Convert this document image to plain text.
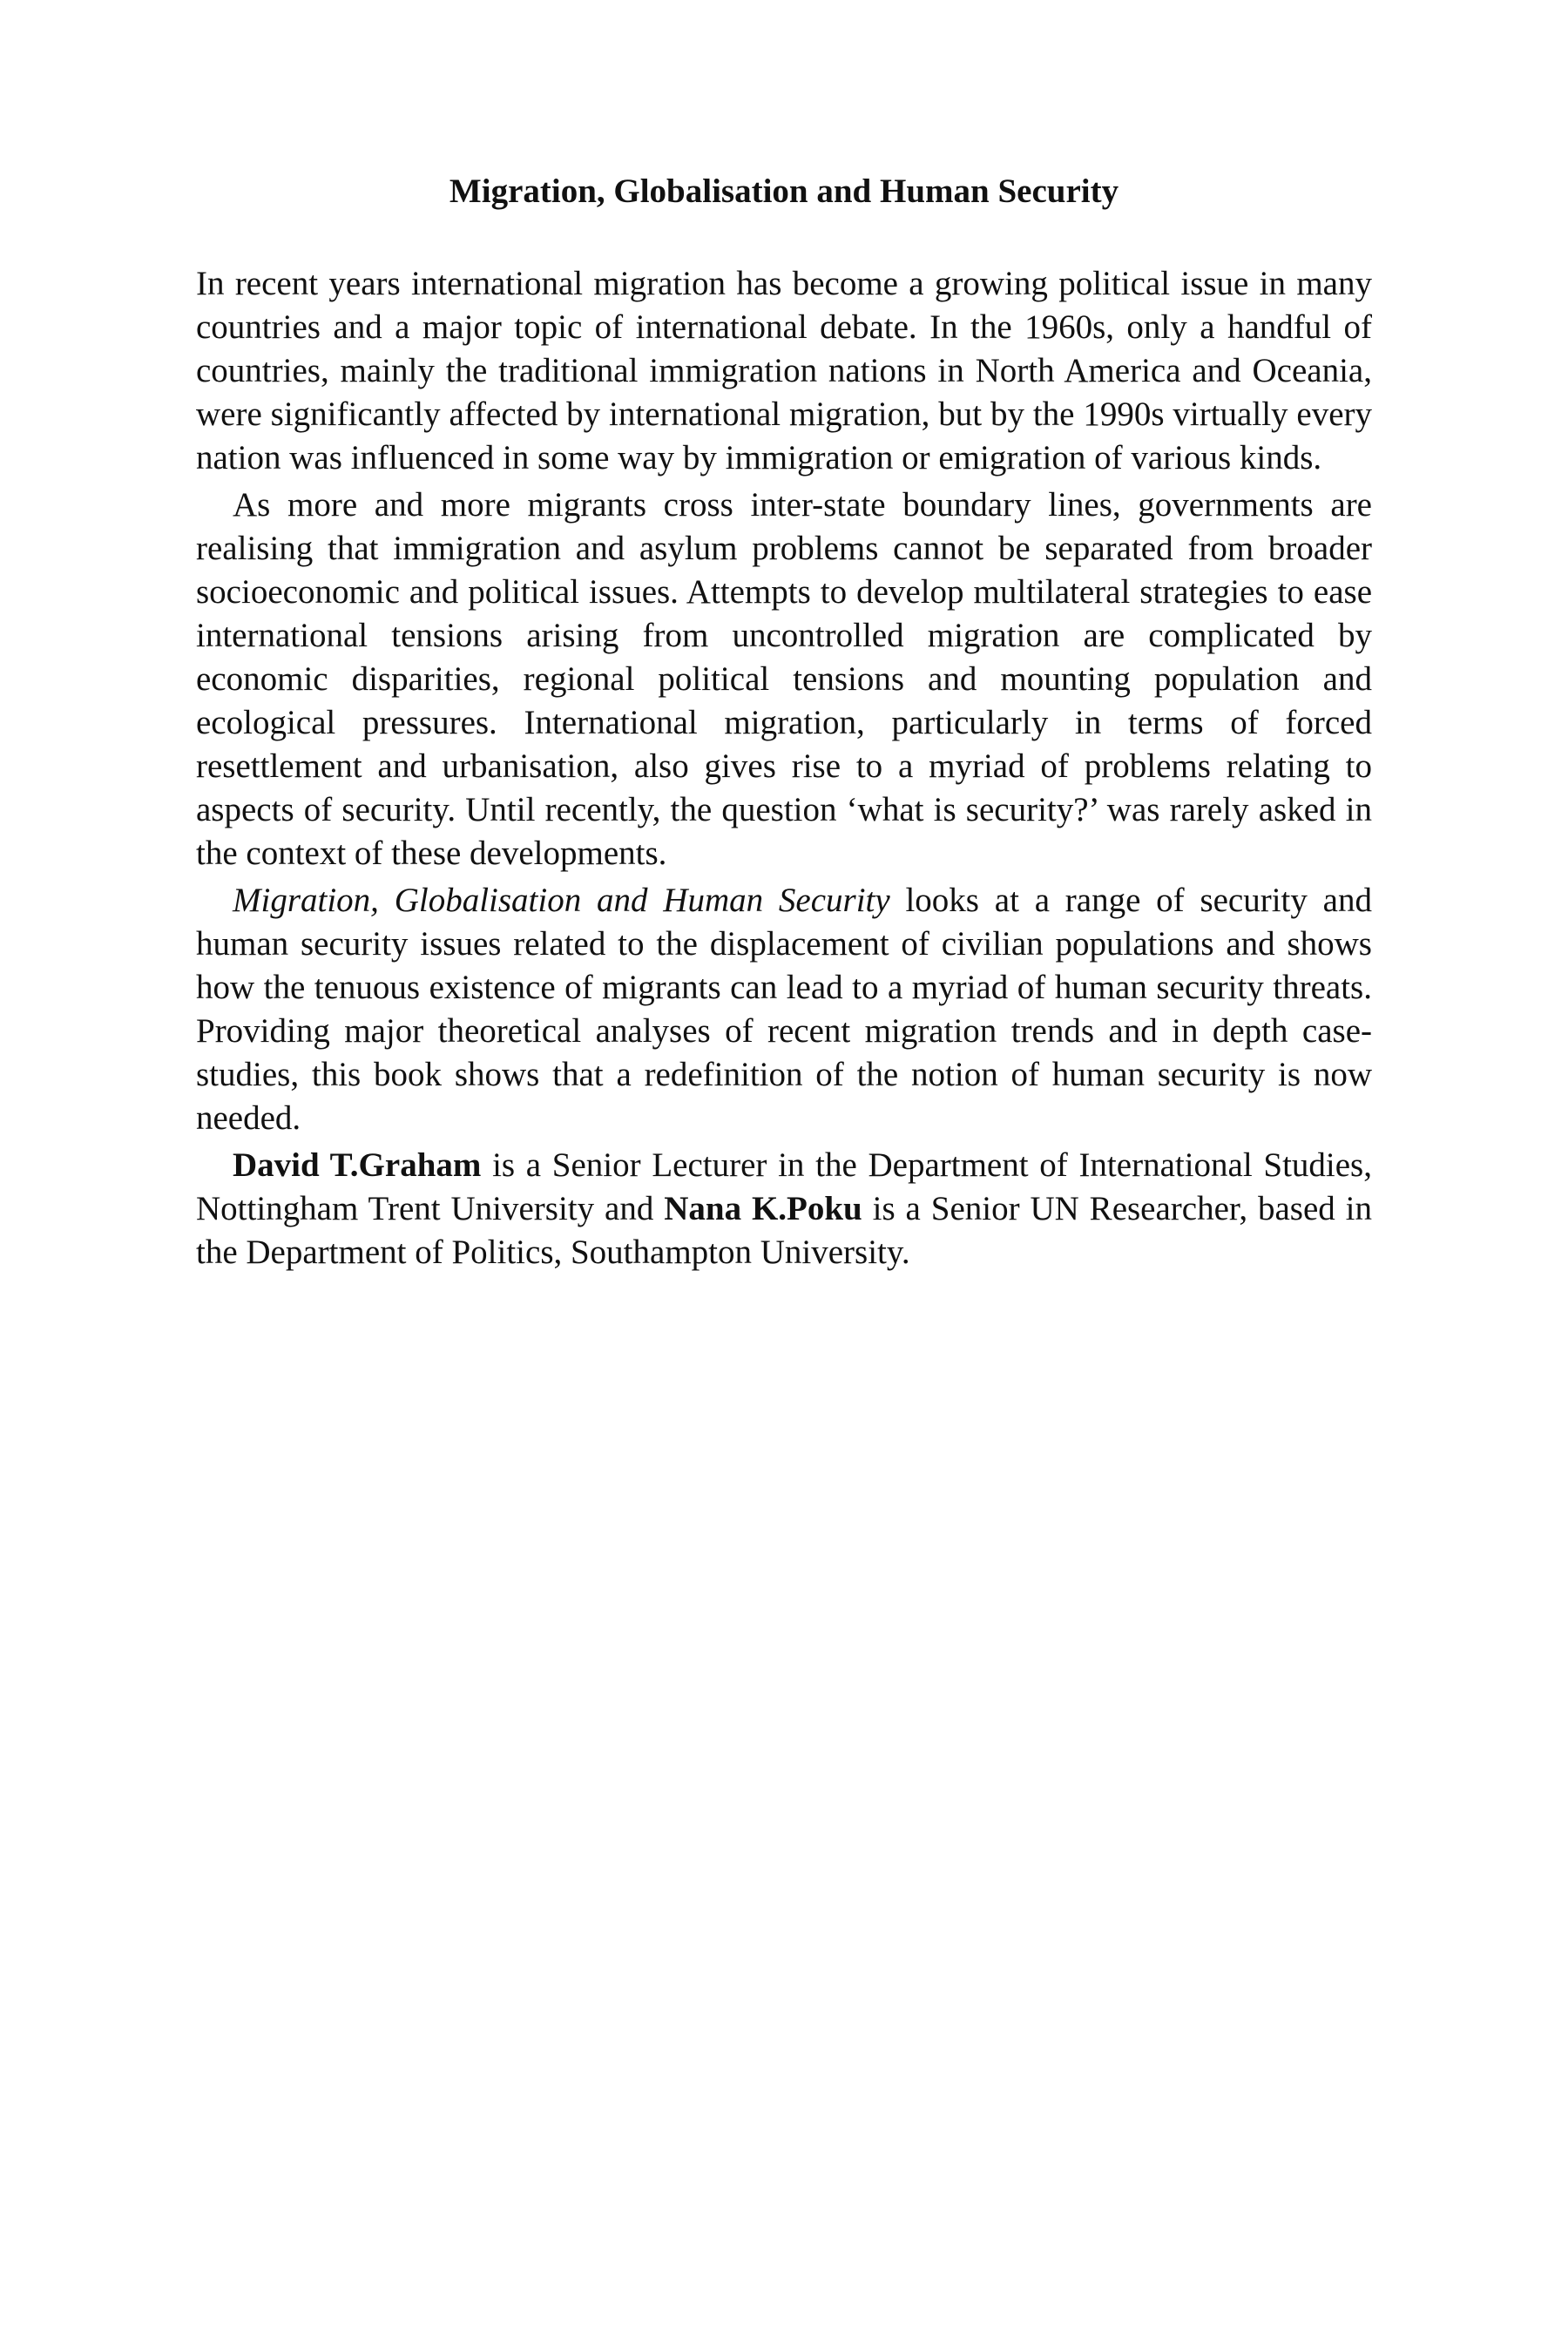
Migration, Globalisation and Human Security

In recent years international migration has become a growing political issue in many countries and a major topic of international debate. In the 1960s, only a handful of countries, mainly the traditional immigration nations in North America and Oceania, were significantly affected by international migration, but by the 1990s virtually every nation was influenced in some way by immigration or emigration of various kinds.

As more and more migrants cross inter-state boundary lines, governments are realising that immigration and asylum problems cannot be separated from broader socioeconomic and political issues. Attempts to develop multilateral strategies to ease international tensions arising from uncontrolled migration are complicated by economic disparities, regional political tensions and mounting population and ecological pressures. International migration, particularly in terms of forced resettlement and urbanisation, also gives rise to a myriad of problems relating to aspects of security. Until recently, the question ‘what is security?’ was rarely asked in the context of these developments.

Migration, Globalisation and Human Security looks at a range of security and human security issues related to the displacement of civilian populations and shows how the tenuous existence of migrants can lead to a myriad of human security threats. Providing major theoretical analyses of recent migration trends and in depth case-studies, this book shows that a redefinition of the notion of human security is now needed.

David T.Graham is a Senior Lecturer in the Department of International Studies, Nottingham Trent University and Nana K.Poku is a Senior UN Researcher, based in the Department of Politics, Southampton University.
